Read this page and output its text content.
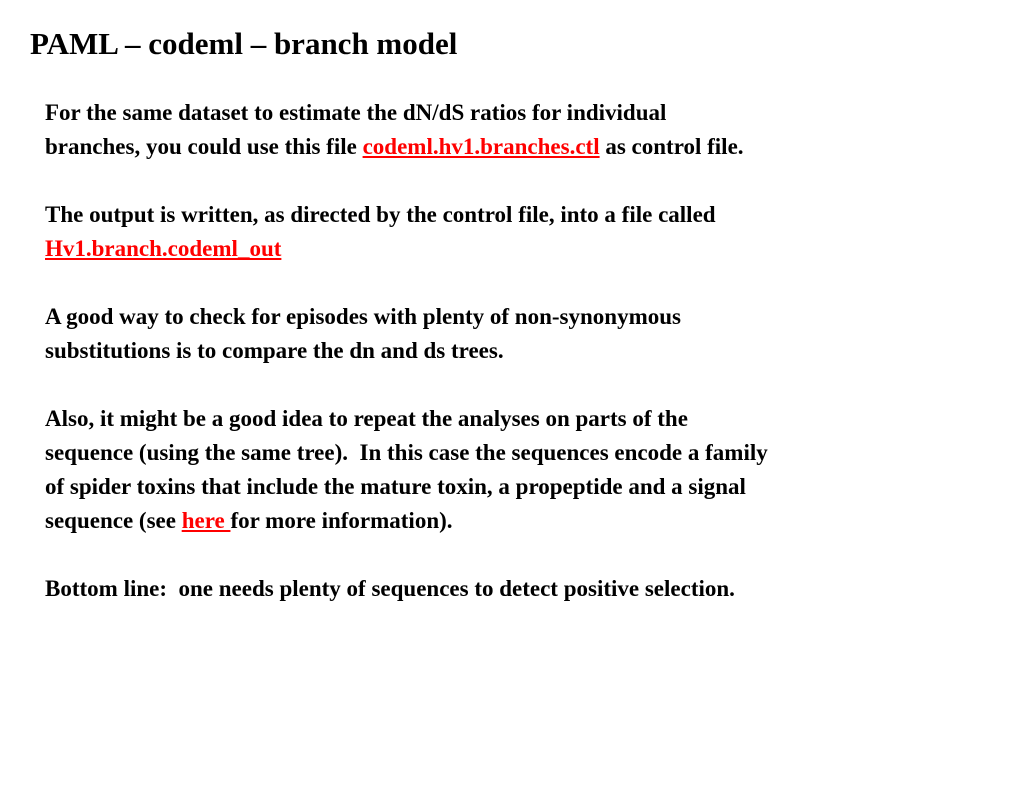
PAML – codeml – branch model

For the same dataset to estimate the dN/dS ratios for individual
branches, you could use this file codeml.hv1.branches.ctl as control file.

The output is written, as directed by the control file, into a file called
Hv1.branch.codeml_out

A good way to check for episodes with plenty of non-synonymous
substitutions is to compare the dn and ds trees.

Also, it might be a good idea to repeat the analyses on parts of the
sequence (using the same tree).  In this case the sequences encode a family
of spider toxins that include the mature toxin, a propeptide and a signal
sequence (see here for more information).

Bottom line:  one needs plenty of sequences to detect positive selection.
